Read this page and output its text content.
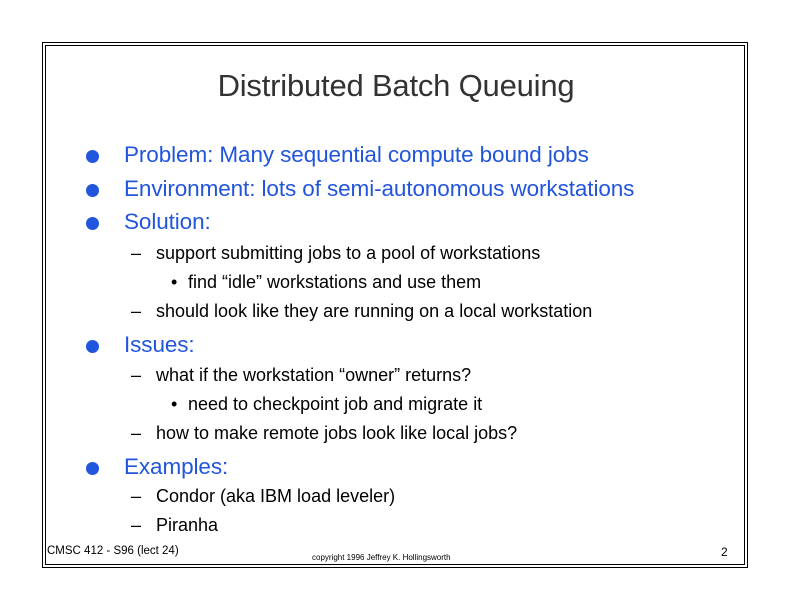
Distributed Batch Queuing
Problem: Many sequential compute bound jobs
Environment: lots of semi-autonomous workstations
Solution:
– support submitting jobs to a pool of workstations
• find “idle” workstations and use them
– should look like they are running on a local workstation
Issues:
– what if the workstation “owner” returns?
• need to checkpoint job and migrate it
– how to make remote jobs look like local jobs?
Examples:
– Condor (aka IBM load leveler)
– Piranha
CMSC 412 - S96 (lect 24)
copyright 1996 Jeffrey K. Hollingsworth	2
